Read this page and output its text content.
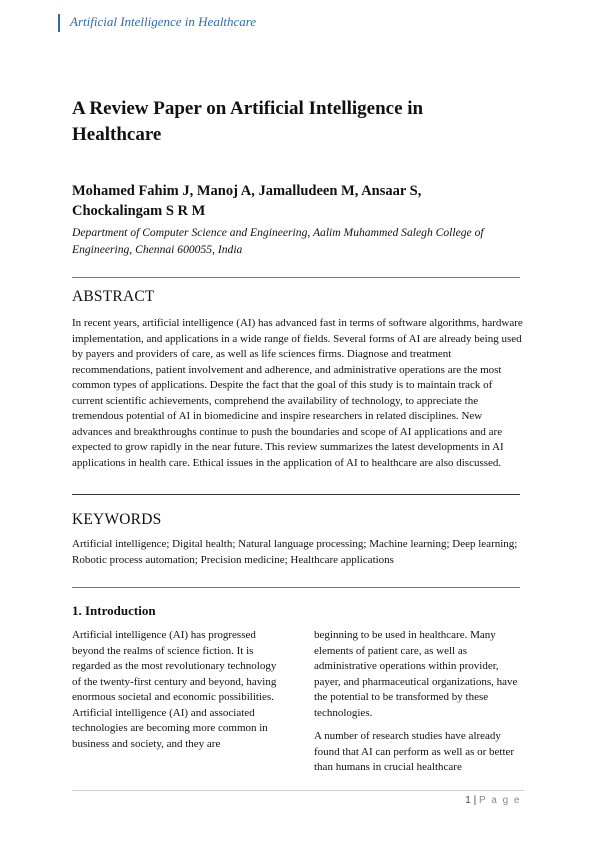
Artificial Intelligence in Healthcare
A Review Paper on Artificial Intelligence in Healthcare
Mohamed Fahim J, Manoj A, Jamalludeen M, Ansaar S, Chockalingam S R M
Department of Computer Science and Engineering, Aalim Muhammed Salegh College of Engineering, Chennai 600055, India
ABSTRACT
In recent years, artificial intelligence (AI) has advanced fast in terms of software algorithms, hardware implementation, and applications in a wide range of fields. Several forms of AI are already being used by payers and providers of care, as well as life sciences firms. Diagnose and treatment recommendations, patient involvement and adherence, and administrative operations are the most common types of applications. Despite the fact that the goal of this study is to maintain track of current scientific achievements, comprehend the availability of technology, to appreciate the tremendous potential of AI in biomedicine and inspire researchers in related disciplines. New advances and breakthroughs continue to push the boundaries and scope of AI applications and are expected to grow rapidly in the near future. This review summarizes the latest developments in AI applications in health care. Ethical issues in the application of AI to healthcare are also discussed.
KEYWORDS
Artificial intelligence; Digital health; Natural language processing; Machine learning; Deep learning; Robotic process automation; Precision medicine; Healthcare applications
1. Introduction

Artificial intelligence (AI) has progressed beyond the realms of science fiction. It is regarded as the most revolutionary technology of the twenty-first century and beyond, having enormous societal and economic possibilities. Artificial intelligence (AI) and associated technologies are becoming more common in business and society, and they are

beginning to be used in healthcare. Many elements of patient care, as well as administrative operations within provider, payer, and pharmaceutical organizations, have the potential to be transformed by these technologies.

A number of research studies have already found that AI can perform as well as or better than humans in crucial healthcare

1 | P a g e
